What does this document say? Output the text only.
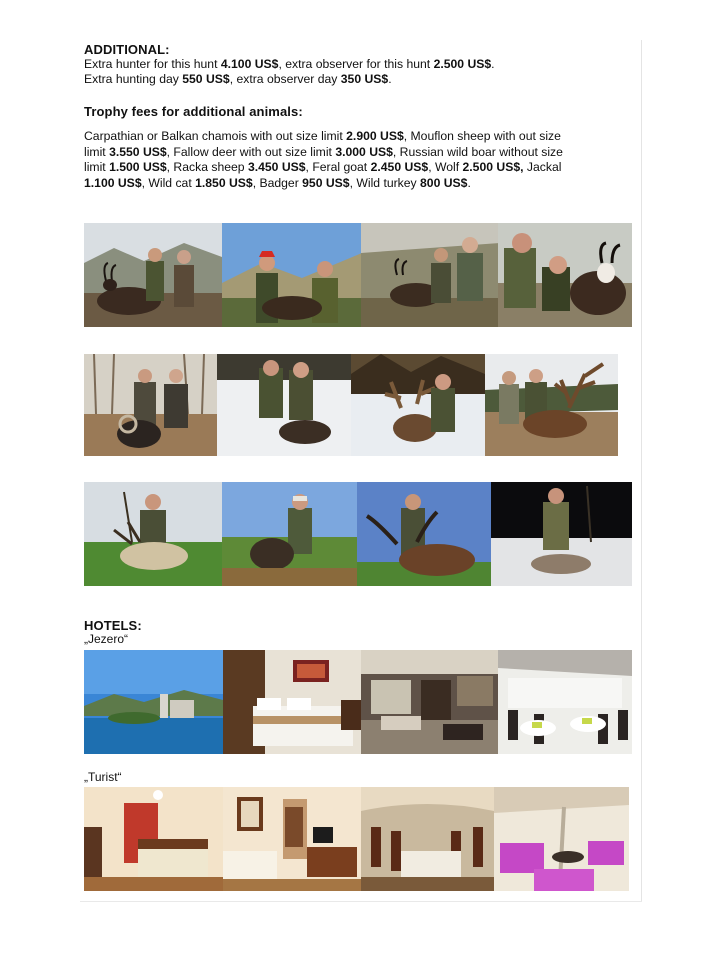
ADDITIONAL:

Extra hunter for this hunt 4.100 US$, extra observer for this hunt 2.500 US$.

Extra hunting day 550 US$, extra observer day 350 US$.

Trophy fees for additional animals:

Carpathian or Balkan chamois with out size limit 2.900 US$, Mouflon sheep with out size

limit 3.550 US$, Fallow deer with out size limit 3.000 US$, Russian wild boar without size

limit 1.500 US$, Racka sheep 3.450 US$, Feral goat 2.450 US$, Wolf 2.500 US$, Jackal

1.100 US$, Wild cat 1.850 US$, Badger 950 US$, Wild turkey 800 US$.

HOTELS:
„Jezero“
„Turist“
